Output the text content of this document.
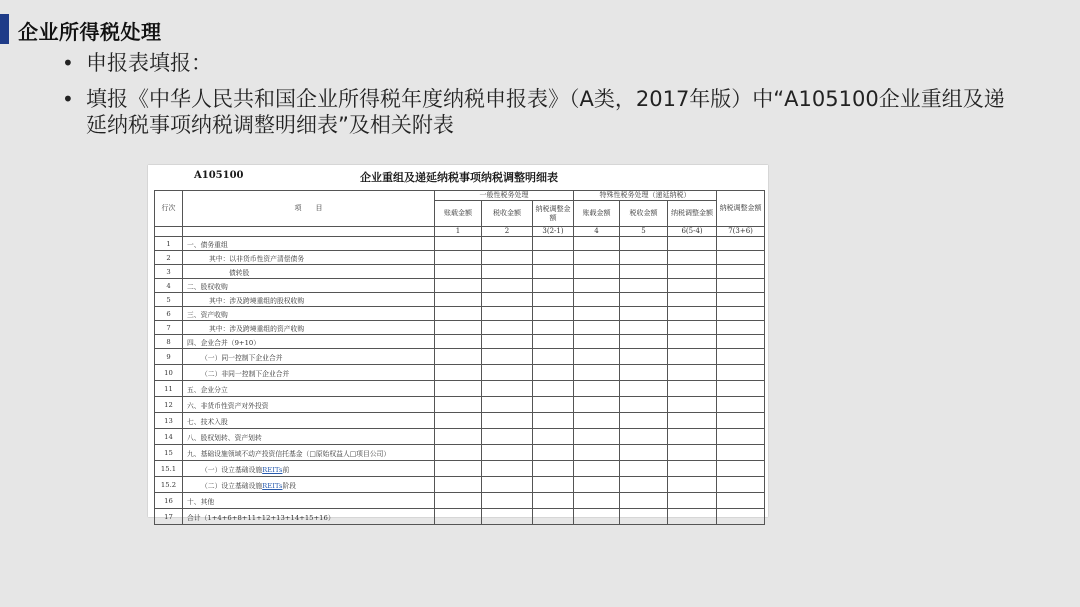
企业所得税处理
• 申报表填报：
• 填报《中华人民共和国企业所得税年度纳税申报表》（A类，2017年版）中“A105100企业重组及递延纳税事项纳税调整明细表”及相关附表
A105100	企业重组及递延纳税事项纳税调整明细表
行次	项　　目	一般性税务处理			特殊性税务处理（递延纳税）			纳税调整金额
		账载金额	税收金额	纳税调整金额	账载金额	税收金额	纳税调整金额	
		1	2	3(2-1)	4	5	6(5-4)	7(3+6)
1	一、债务重组							
2	其中：以非货币性资产清偿债务							
3	债转股							
4	二、股权收购							
5	其中：涉及跨境重组的股权收购							
6	三、资产收购							
7	其中：涉及跨境重组的资产收购							
8	四、企业合并（9+10）							
9	（一）同一控制下企业合并							
10	（二）非同一控制下企业合并							
11	五、企业分立							
12	六、非货币性资产对外投资							
13	七、技术入股							
14	八、股权划转、资产划转							
15	九、基础设施领域不动产投资信托基金（□原始权益人□项目公司）							
15.1	（一）设立基础设施REITs前							
15.2	（二）设立基础设施REITs阶段							
16	十、其他							
17	合计（1+4+6+8+11+12+13+14+15+16）							
